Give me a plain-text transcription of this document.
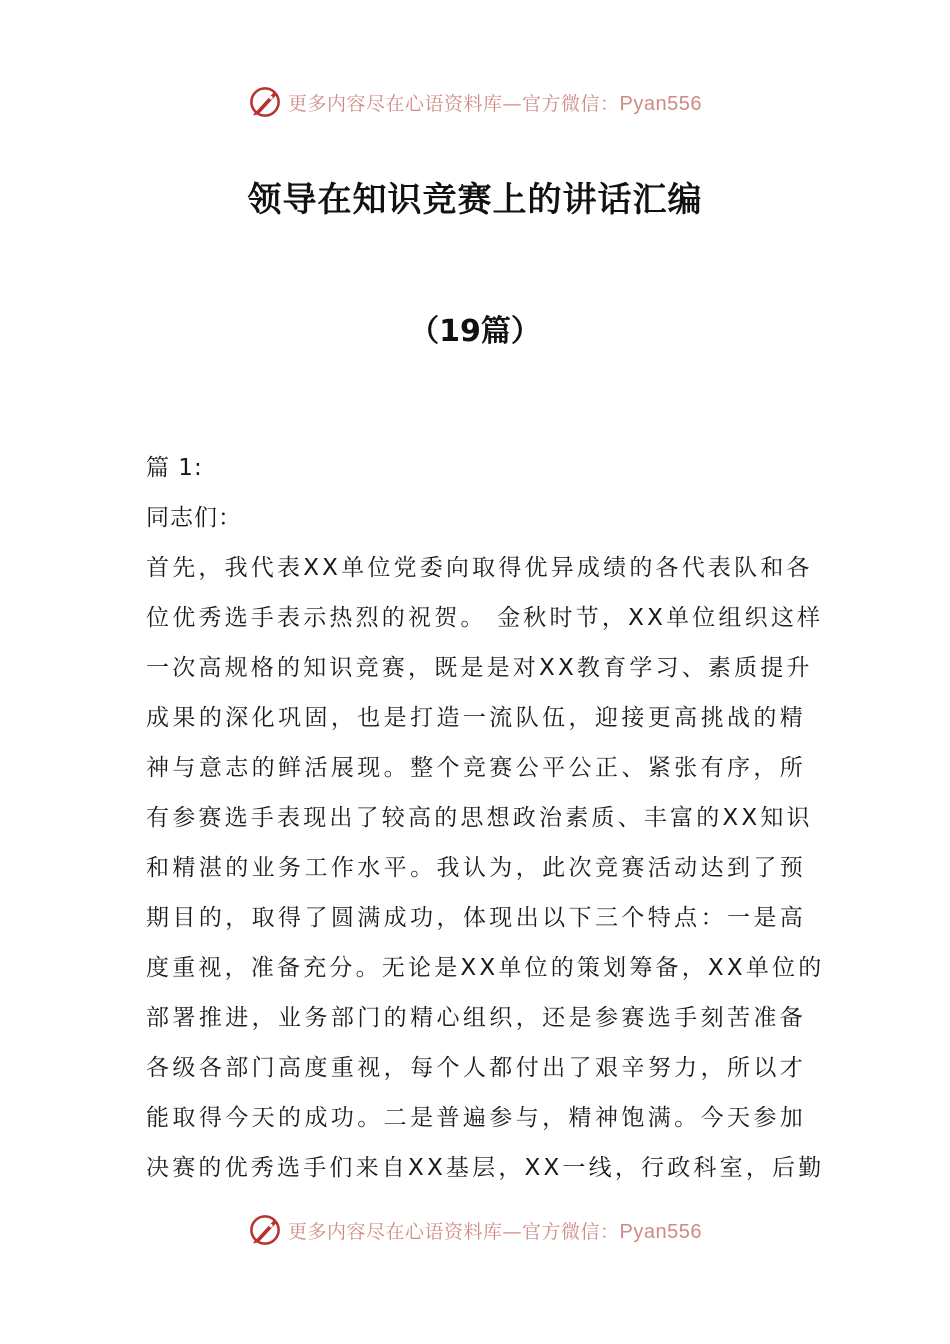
更多内容尽在心语资料库—官方微信：Pyan556
领导在知识竞赛上的讲话汇编
（19篇）
篇 1:
同志们：
首先，我代表XX单位党委向取得优异成绩的各代表队和各
位优秀选手表示热烈的祝贺。 金秋时节，XX单位组织这样
一次高规格的知识竞赛，既是是对XX教育学习、素质提升
成果的深化巩固，也是打造一流队伍，迎接更高挑战的精
神与意志的鲜活展现。整个竞赛公平公正、紧张有序，所
有参赛选手表现出了较高的思想政治素质、丰富的XX知识
和精湛的业务工作水平。我认为，此次竞赛活动达到了预
期目的，取得了圆满成功，体现出以下三个特点：一是高
度重视，准备充分。无论是XX单位的策划筹备，XX单位的
部署推进，业务部门的精心组织，还是参赛选手刻苦准备
各级各部门高度重视，每个人都付出了艰辛努力，所以才
能取得今天的成功。二是普遍参与，精神饱满。今天参加
决赛的优秀选手们来自XX基层，XX一线，行政科室，后勤
更多内容尽在心语资料库—官方微信：Pyan556
